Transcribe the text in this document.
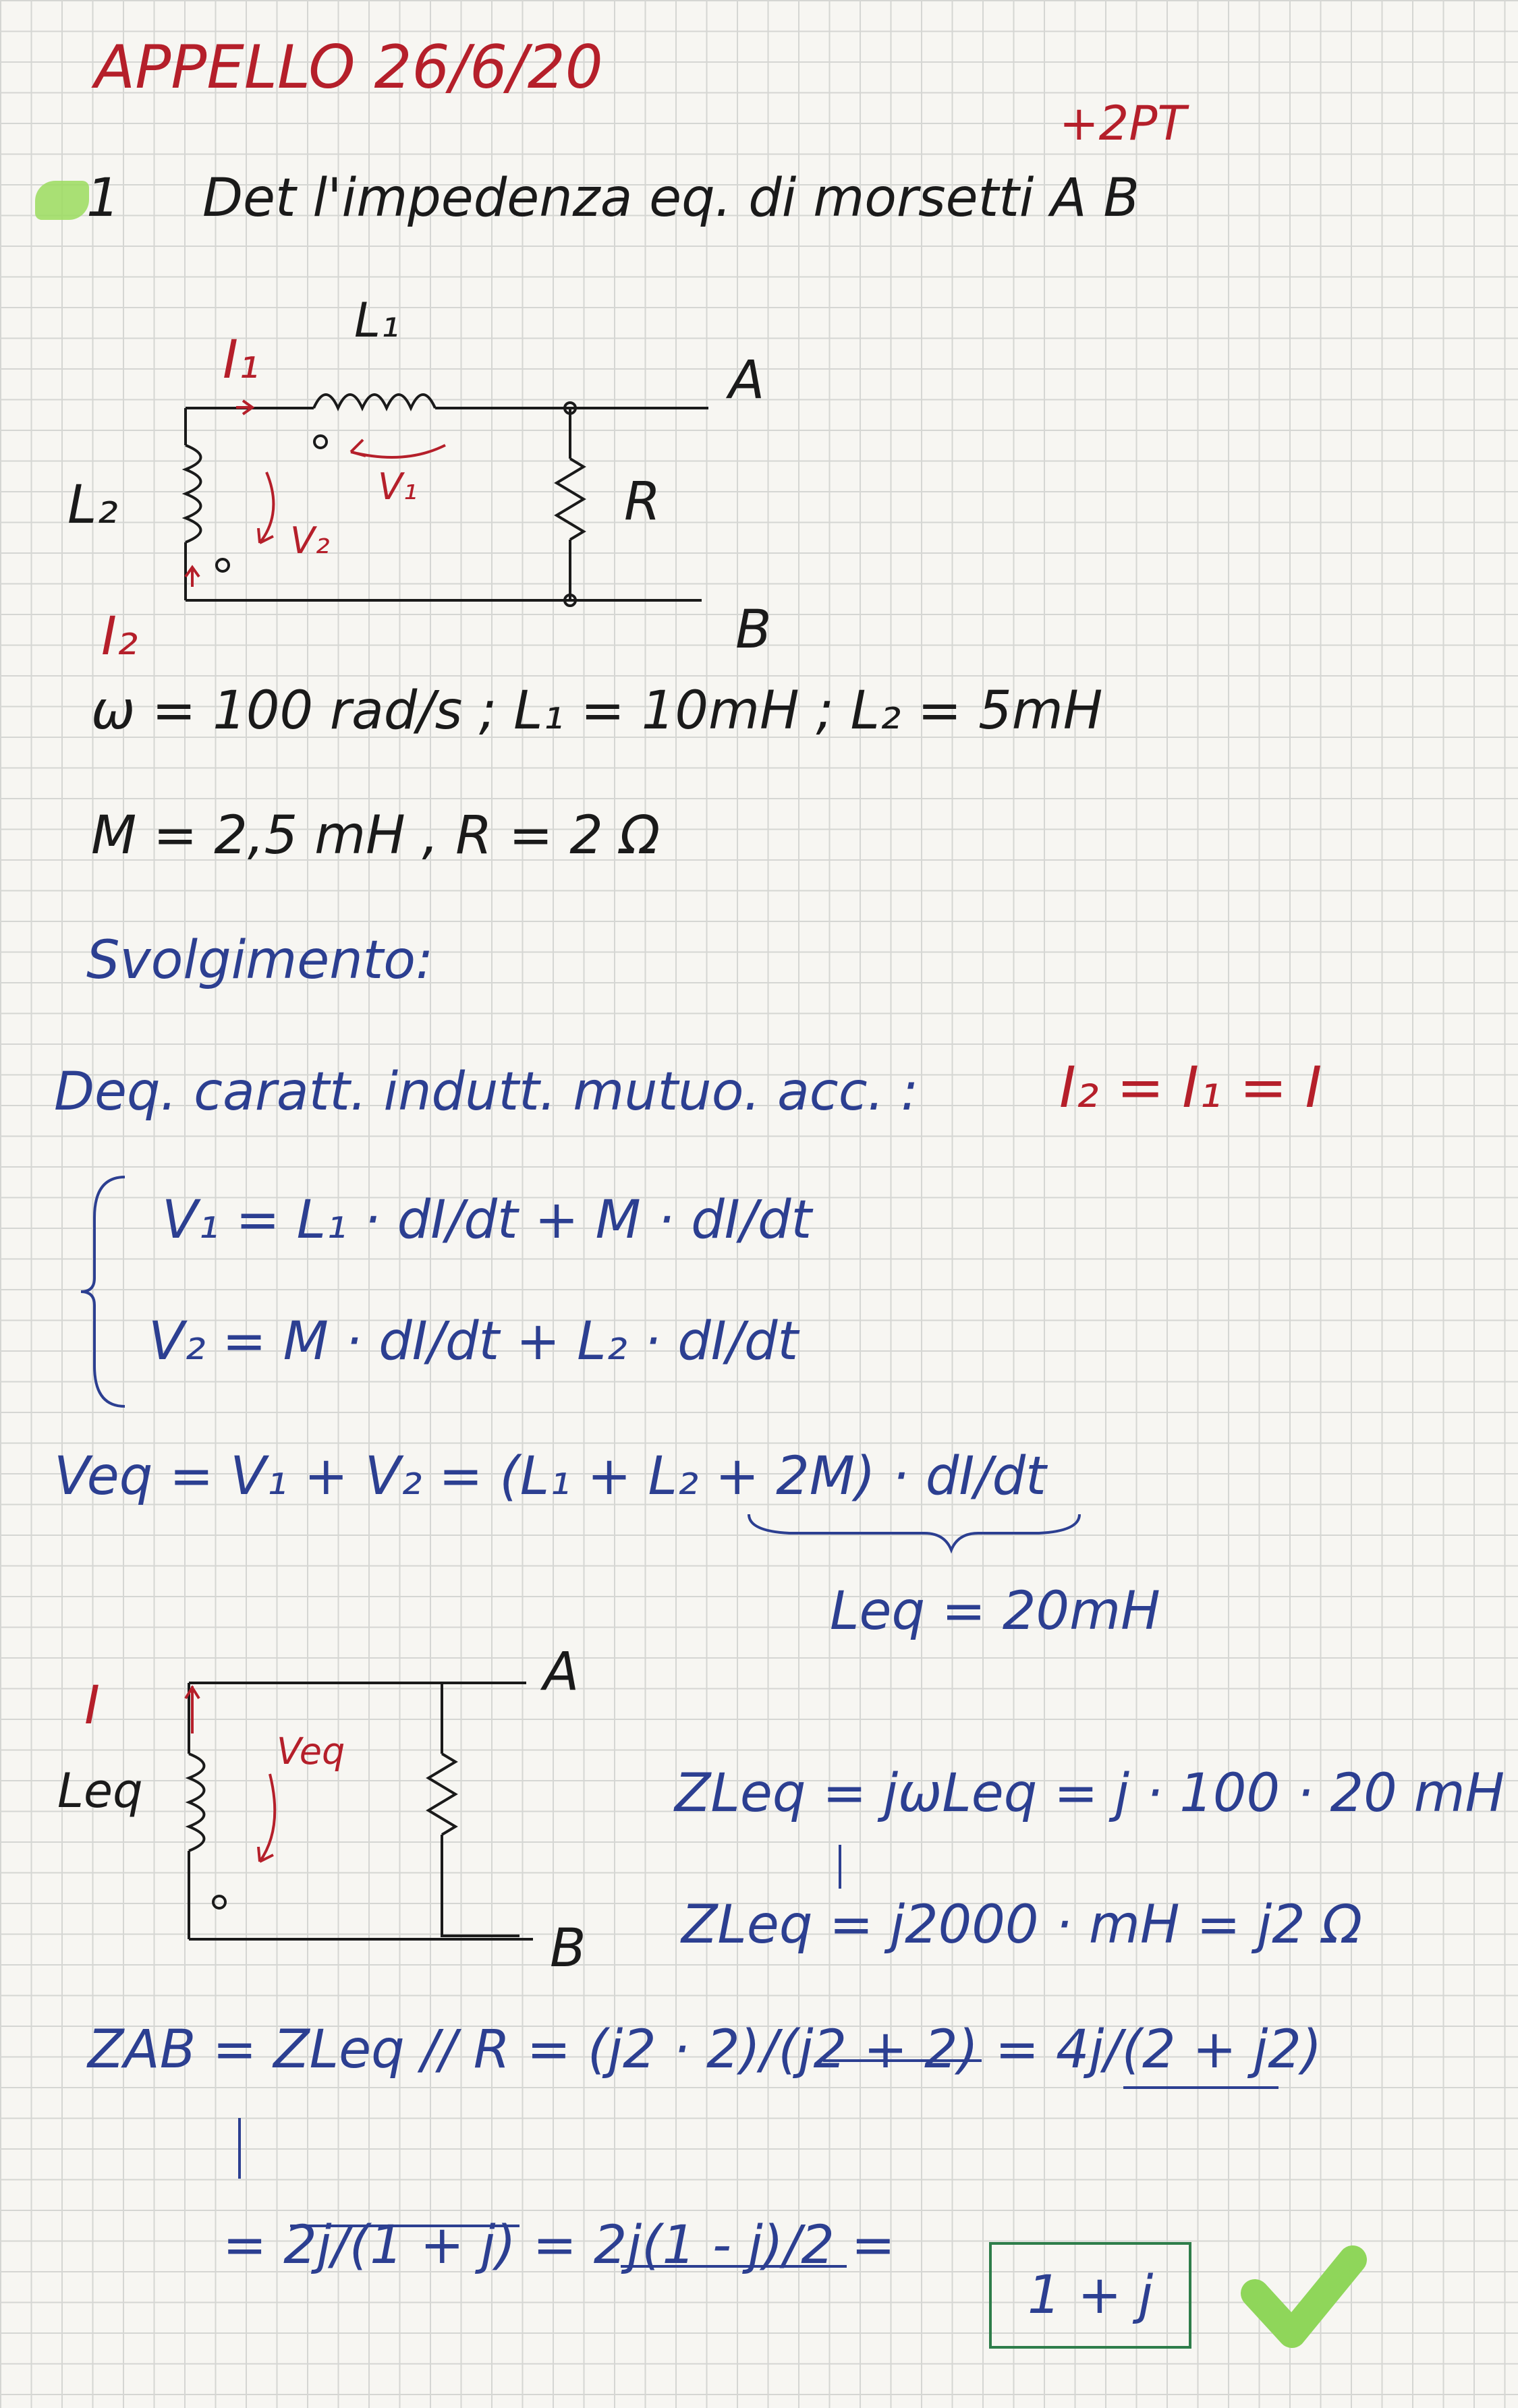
APPELLO 26/6/20
+2PT
1 Det l'impedenza eq. di morsetti A B
I₁
L₁
L₂	V₁
V₂
I₂
R
A
B
ω = 100 rad/s ; L₁ = 10mH ; L₂ = 5mH
M = 2,5 mH , R = 2 Ω
Svolgimento:
Deq. caratt. indutt. mutuo. acc. : I₂ = I₁ = I
V₁ = L₁ · dI/dt + M · dI/dt
V₂ = M · dI/dt + L₂ · dI/dt
Veq = V₁ + V₂ = (L₁ + L₂ + 2M) · dI/dt
Leq = 20mH
I
Leq
Veq
A
B
ZLeq = jωLeq = j · 100 · 20 mH
ZLeq = j2000 · mH = j2 Ω
ZAB = ZLeq // R = (j2 · 2)/(j2 + 2) = 4j/(2 + j2)
= 2j/(1 + j) = 2j(1 - j)/2 =
1 + j
